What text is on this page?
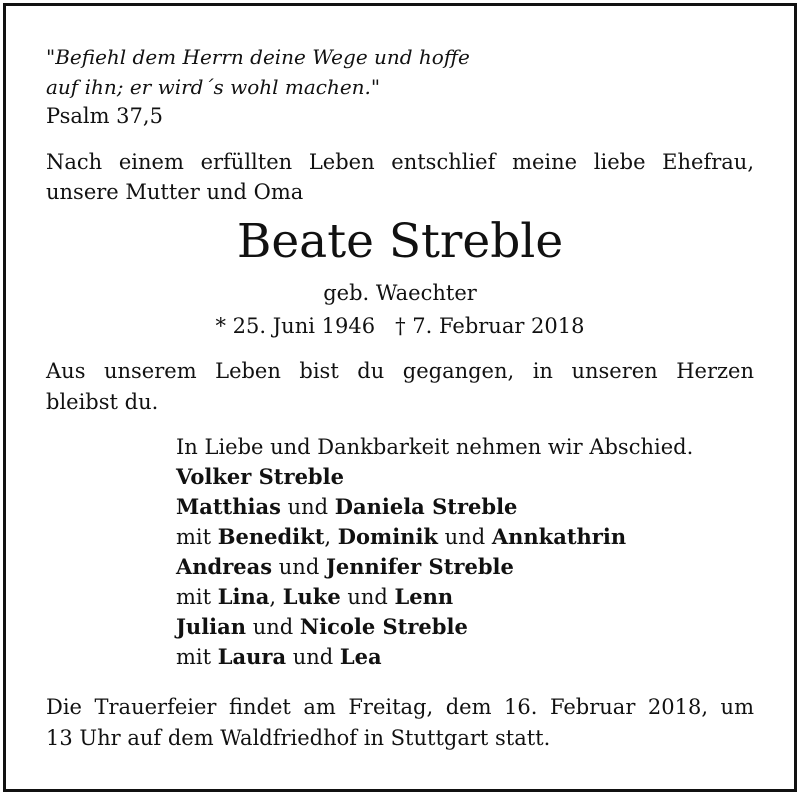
"Befiehl dem Herrn deine Wege und hoffe
auf ihn; er wird´s wohl machen."
Psalm 37,5
Nach einem erfüllten Leben entschlief meine liebe Ehefrau,
unsere Mutter und Oma
Beate Streble
geb. Waechter
* 25. Juni 1946   † 7. Februar 2018
Aus unserem Leben bist du gegangen, in unseren Herzen
bleibst du.
In Liebe und Dankbarkeit nehmen wir Abschied.
Volker Streble
Matthias und Daniela Streble
mit Benedikt, Dominik und Annkathrin
Andreas und Jennifer Streble
mit Lina, Luke und Lenn
Julian und Nicole Streble
mit Laura und Lea
Die Trauerfeier findet am Freitag, dem 16. Februar 2018, um
13 Uhr auf dem Waldfriedhof in Stuttgart statt.
